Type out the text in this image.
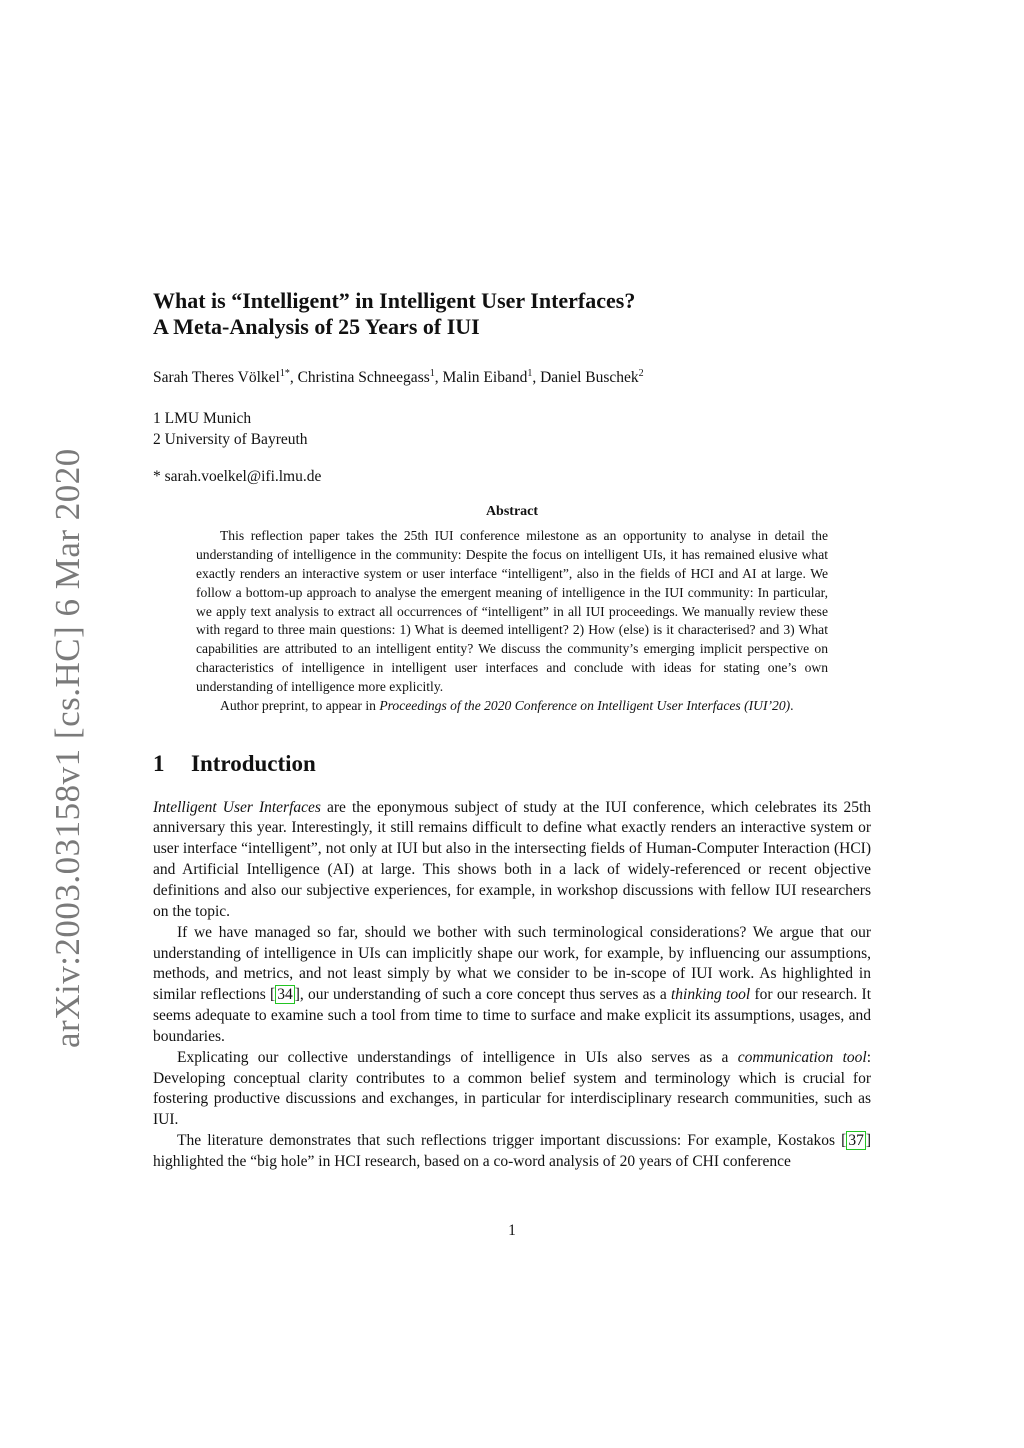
arXiv:2003.03158v1 [cs.HC] 6 Mar 2020
What is “Intelligent” in Intelligent User Interfaces?
A Meta-Analysis of 25 Years of IUI
Sarah Theres Völkel$^{1*}$, Christina Schneegass$^1$, Malin Eiband$^1$, Daniel Buschek$^2$
1 LMU Munich
2 University of Bayreuth
* sarah.voelkel@ifi.lmu.de
Abstract

This reflection paper takes the 25th IUI conference milestone as an opportunity to analyse in detail the understanding of intelligence in the community: Despite the focus on intelligent UIs, it has remained elusive what exactly renders an interactive system or user interface “intelligent”, also in the fields of HCI and AI at large. We follow a bottom-up approach to analyse the emergent meaning of intelligence in the IUI community: In particular, we apply text analysis to extract all occurrences of “intelligent” in all IUI proceedings. We manually review these with regard to three main questions: 1) What is deemed intelligent? 2) How (else) is it characterised? and 3) What capabilities are attributed to an intelligent entity? We discuss the community’s emerging implicit perspective on characteristics of intelligence in intelligent user interfaces and conclude with ideas for stating one’s own understanding of intelligence more explicitly.

Author preprint, to appear in Proceedings of the 2020 Conference on Intelligent User Interfaces (IUI’20).

1 Introduction

Intelligent User Interfaces are the eponymous subject of study at the IUI conference, which celebrates its 25th anniversary this year. Interestingly, it still remains difficult to define what exactly renders an interactive system or user interface “intelligent”, not only at IUI but also in the intersecting fields of Human-Computer Interaction (HCI) and Artificial Intelligence (AI) at large. This shows both in a lack of widely-referenced or recent objective definitions and also our subjective experiences, for example, in workshop discussions with fellow IUI researchers on the topic.

If we have managed so far, should we bother with such terminological considerations? We argue that our understanding of intelligence in UIs can implicitly shape our work, for example, by influencing our assumptions, methods, and metrics, and not least simply by what we consider to be in-scope of IUI work. As highlighted in similar reflections [ 34 ], our understanding of such a core concept thus serves as a thinking tool for our research. It seems adequate to examine such a tool from time to time to surface and make explicit its assumptions, usages, and boundaries.

Explicating our collective understandings of intelligence in UIs also serves as a communication tool: Developing conceptual clarity contributes to a common belief system and terminology which is crucial for fostering productive discussions and exchanges, in particular for interdisciplinary research communities, such as IUI.

The literature demonstrates that such reflections trigger important discussions: For example, Kostakos [ 37 ] highlighted the “big hole” in HCI research, based on a co-word analysis of 20 years of CHI conference

1
